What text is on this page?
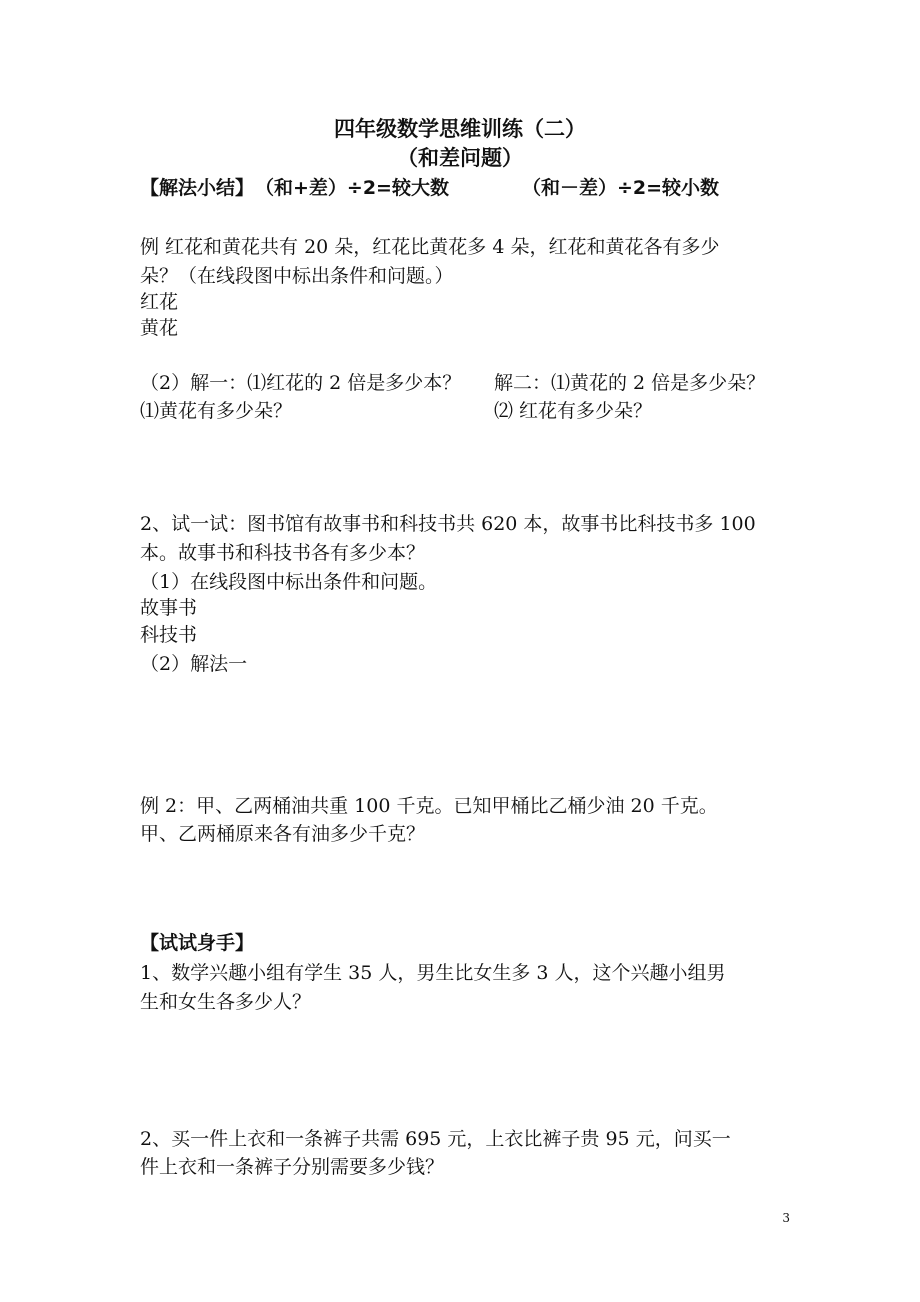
四年级数学思维训练（二）
（和差问题）
【解法小结】 （和+差）÷2=较大数	（和－差）÷2=较小数
例 红花和黄花共有 20 朵，红花比黄花多 4 朵，红花和黄花各有多少
朵？（在线段图中标出条件和问题。）
红花
黄花
（2）解一：⑴红花的 2 倍是多少本？ 解二：⑴黄花的 2 倍是多少朵？
⑴黄花有多少朵？	⑵ 红花有多少朵？
2、试一试：图书馆有故事书和科技书共 620 本，故事书比科技书多 100
本。故事书和科技书各有多少本？
（1）在线段图中标出条件和问题。
故事书
科技书
（2）解法一
例 2：甲、乙两桶油共重 100 千克。已知甲桶比乙桶少油 20 千克。
甲、乙两桶原来各有油多少千克？
【试试身手】
1、数学兴趣小组有学生 35 人，男生比女生多 3 人，这个兴趣小组男
生和女生各多少人？
2、买一件上衣和一条裤子共需 695 元，上衣比裤子贵 95 元，问买一
件上衣和一条裤子分别需要多少钱？
3
